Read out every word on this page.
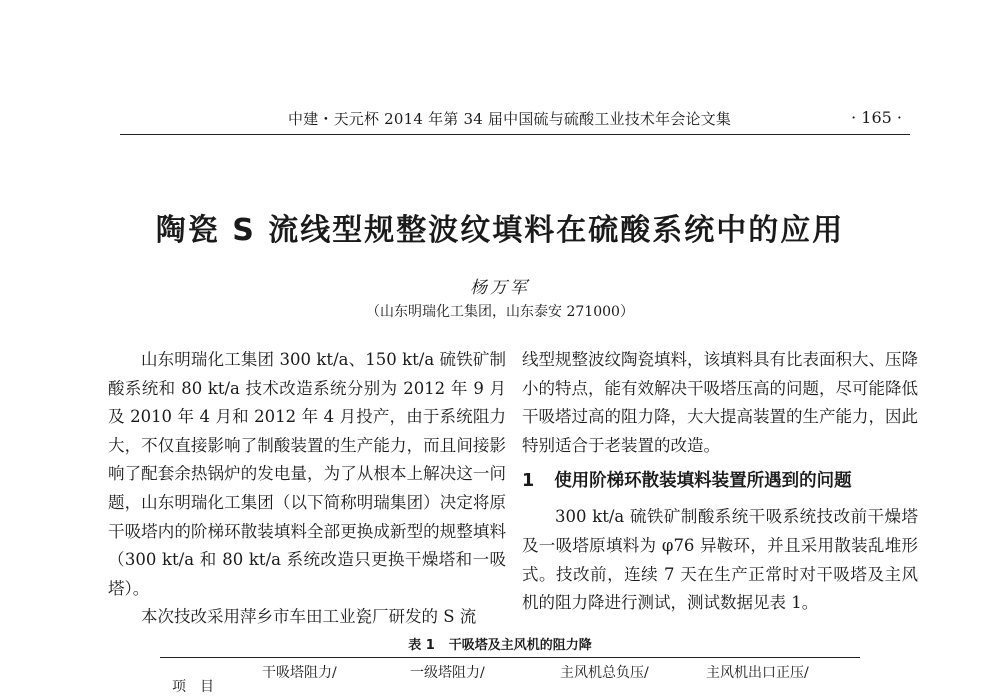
中建・天元杯 2014 年第 34 届中国硫与硫酸工业技术年会论文集	· 165 ·
陶瓷 S 流线型规整波纹填料在硫酸系统中的应用
杨万军
（山东明瑞化工集团，山东泰安 271000）

山东明瑞化工集团 300 kt/a、150 kt/a 硫铁矿制酸系统和 80 kt/a 技术改造系统分别为 2012 年 9 月及 2010 年 4 月和 2012 年 4 月投产，由于系统阻力大，不仅直接影响了制酸装置的生产能力，而且间接影响了配套余热锅炉的发电量，为了从根本上解决这一问题，山东明瑞化工集团（以下简称明瑞集团）决定将原干吸塔内的阶梯环散装填料全部更换成新型的规整填料（300 kt/a 和 80 kt/a 系统改造只更换干燥塔和一吸塔）。

本次技改采用萍乡市车田工业瓷厂研发的 S 流

线型规整波纹陶瓷填料，该填料具有比表面积大、压降小的特点，能有效解决干吸塔压高的问题，尽可能降低干吸塔过高的阻力降，大大提高装置的生产能力，因此特别适合于老装置的改造。

1 使用阶梯环散装填料装置所遇到的问题

300 kt/a 硫铁矿制酸系统干吸系统技改前干燥塔及一吸塔原填料为 φ76 异鞍环，并且采用散装乱堆形式。技改前，连续 7 天在生产正常时对干吸塔及主风机的阻力降进行测试，测试数据见表 1。

表 1 干吸塔及主风机的阻力降
项　目
干吸塔阻力/	一级塔阻力/	主风机总负压/	主风机出口正压/
